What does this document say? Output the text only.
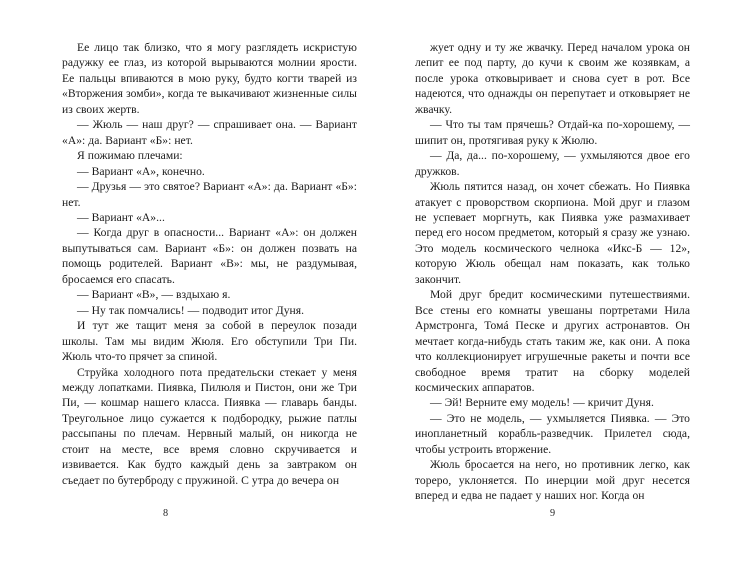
Ее лицо так близко, что я могу разглядеть искристую радужку ее глаз, из которой вырываются молнии ярости. Ее пальцы впиваются в мою руку, будто когти тварей из «Вторжения зомби», когда те выкачивают жизненные силы из своих жертв.

— Жюль — наш друг? — спрашивает она. — Вариант «А»: да. Вариант «Б»: нет.

Я пожимаю плечами:

— Вариант «А», конечно.

— Друзья — это святое? Вариант «А»: да. Вариант «Б»: нет.

— Вариант «А»...

— Когда друг в опасности... Вариант «А»: он должен выпутываться сам. Вариант «Б»: он должен позвать на помощь родителей. Вариант «В»: мы, не раздумывая, бросаемся его спасать.

— Вариант «В», — вздыхаю я.

— Ну так помчались! — подводит итог Дуня.

И тут же тащит меня за собой в переулок позади школы. Там мы видим Жюля. Его обступили Три Пи. Жюль что-то прячет за спиной.

Струйка холодного пота предательски стекает у меня между лопатками. Пиявка, Пилюля и Пистон, они же Три Пи, — кошмар нашего класса. Пиявка — главарь банды. Треугольное лицо сужается к подбородку, рыжие патлы рассыпаны по плечам. Нервный малый, он никогда не стоит на месте, все время словно скручивается и извивается. Как будто каждый день за завтраком он съедает по бутерброду с пружиной. С утра до вечера он

8

жует одну и ту же жвачку. Перед началом урока он лепит ее под парту, до кучи к своим же козявкам, а после урока отковыривает и снова сует в рот. Все надеются, что однажды он перепутает и отковыряет не жвачку.

— Что ты там прячешь? Отдай-ка по-хорошему, — шипит он, протягивая руку к Жюлю.

— Да, да... по-хорошему, — ухмыляются двое его дружков.

Жюль пятится назад, он хочет сбежать. Но Пиявка атакует с проворством скорпиона. Мой друг и глазом не успевает моргнуть, как Пиявка уже размахивает перед его носом предметом, который я сразу же узнаю. Это модель космического челнока «Икс-Б — 12», которую Жюль обещал нам показать, как только закончит.

Мой друг бредит космическими путешествиями. Все стены его комнаты увешаны портретами Нила Армстронга, Томá Песке и других астронавтов. Он мечтает когда-нибудь стать таким же, как они. А пока что коллекционирует игрушечные ракеты и почти все свободное время тратит на сборку моделей космических аппаратов.

— Эй! Верните ему модель! — кричит Дуня.

— Это не модель, — ухмыляется Пиявка. — Это инопланетный корабль-разведчик. Прилетел сюда, чтобы устроить вторжение.

Жюль бросается на него, но противник легко, как тореро, уклоняется. По инерции мой друг несется вперед и едва не падает у наших ног. Когда он

9
